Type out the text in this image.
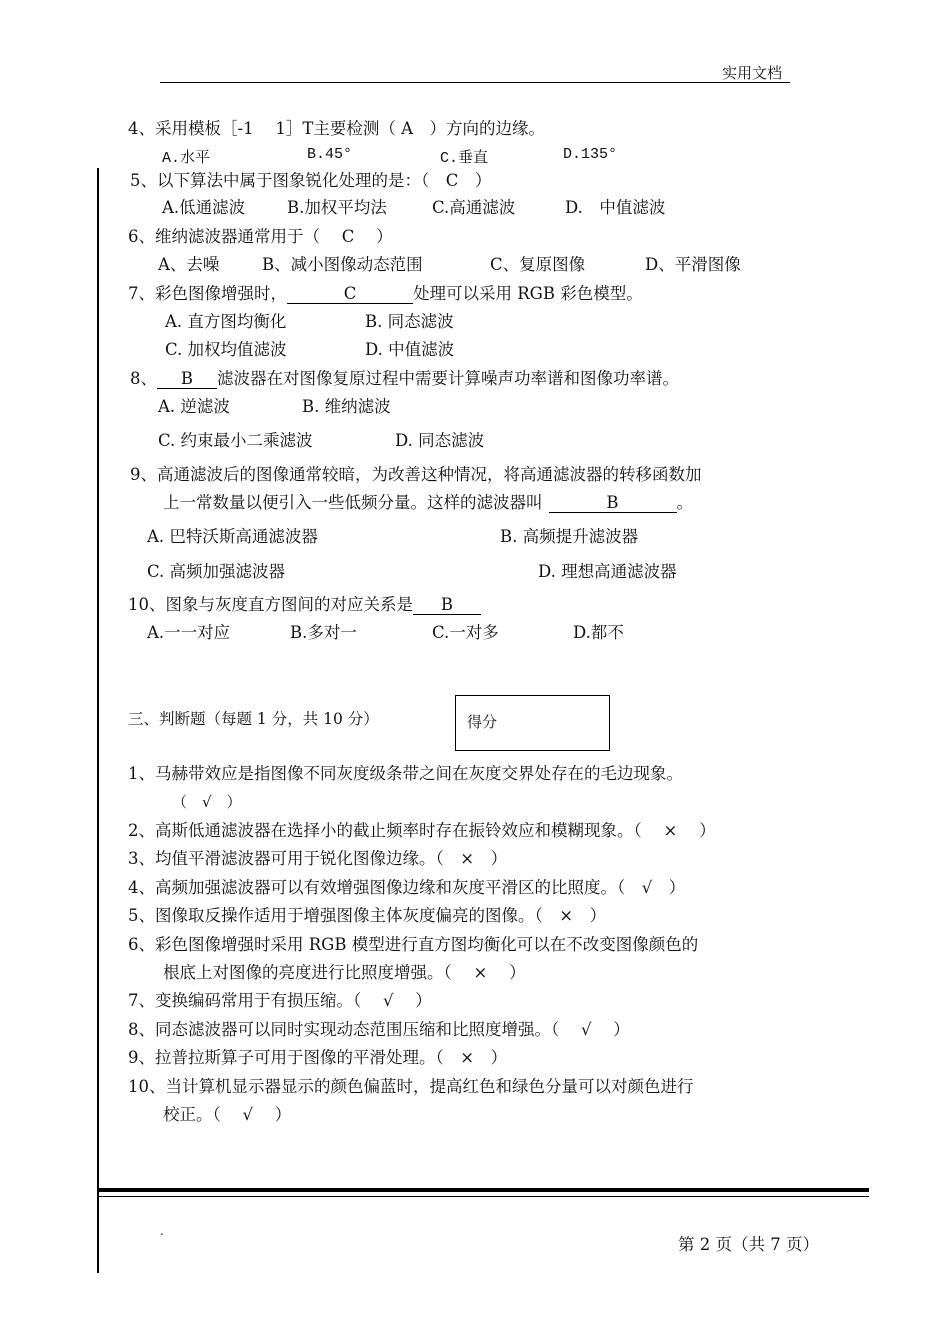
实用文档
4、采用模板［-1　 1］T主要检测（ A　）方向的边缘。
A.水平	B.45°	C.垂直	D.135°
5、以下算法中属于图象锐化处理的是：（　C　）
A.低通滤波	B.加权平均法	C.高通滤波	D.　中值滤波
6、维纳滤波器通常用于（　 C　 ）
A、去噪	B、减小图像动态范围	C、复原图像	D、平滑图像
7、彩色图像增强时，	C	处理可以采用 RGB 彩色模型。
A. 直方图均衡化	B. 同态滤波
C. 加权均值滤波	D. 中值滤波
8、 B 滤波器在对图像复原过程中需要计算噪声功率谱和图像功率谱。
A. 逆滤波	B. 维纳滤波
C. 约束最小二乘滤波	D. 同态滤波
9、高通滤波后的图像通常较暗，为改善这种情况，将高通滤波器的转移函数加
上一常数量以便引入一些低频分量。这样的滤波器叫	B	。
A. 巴特沃斯高通滤波器	B. 高频提升滤波器
C. 高频加强滤波器	D. 理想高通滤波器
10、图象与灰度直方图间的对应关系是 B
A.一一对应	B.多对一	C.一对多	D.都不
三、判断题（每题 1 分，共 10 分）	得分
1、马赫带效应是指图像不同灰度级条带之间在灰度交界处存在的毛边现象。
（　√　）
2、高斯低通滤波器在选择小的截止频率时存在振铃效应和模糊现象。（　 ×　 ）
3、均值平滑滤波器可用于锐化图像边缘。（　×　）
4、高频加强滤波器可以有效增强图像边缘和灰度平滑区的比照度。（　√　）
5、图像取反操作适用于增强图像主体灰度偏亮的图像。（　×　）
6、彩色图像增强时采用 RGB 模型进行直方图均衡化可以在不改变图像颜色的
根底上对图像的亮度进行比照度增强。（　 ×　 ）
7、变换编码常用于有损压缩。（　 √　 ）
8、同态滤波器可以同时实现动态范围压缩和比照度增强。（　 √　 ）
9、拉普拉斯算子可用于图像的平滑处理。（　×　）
10、当计算机显示器显示的颜色偏蓝时，提高红色和绿色分量可以对颜色进行
校正。（　 √　 ）
.
第 2 页（共 7 页）
